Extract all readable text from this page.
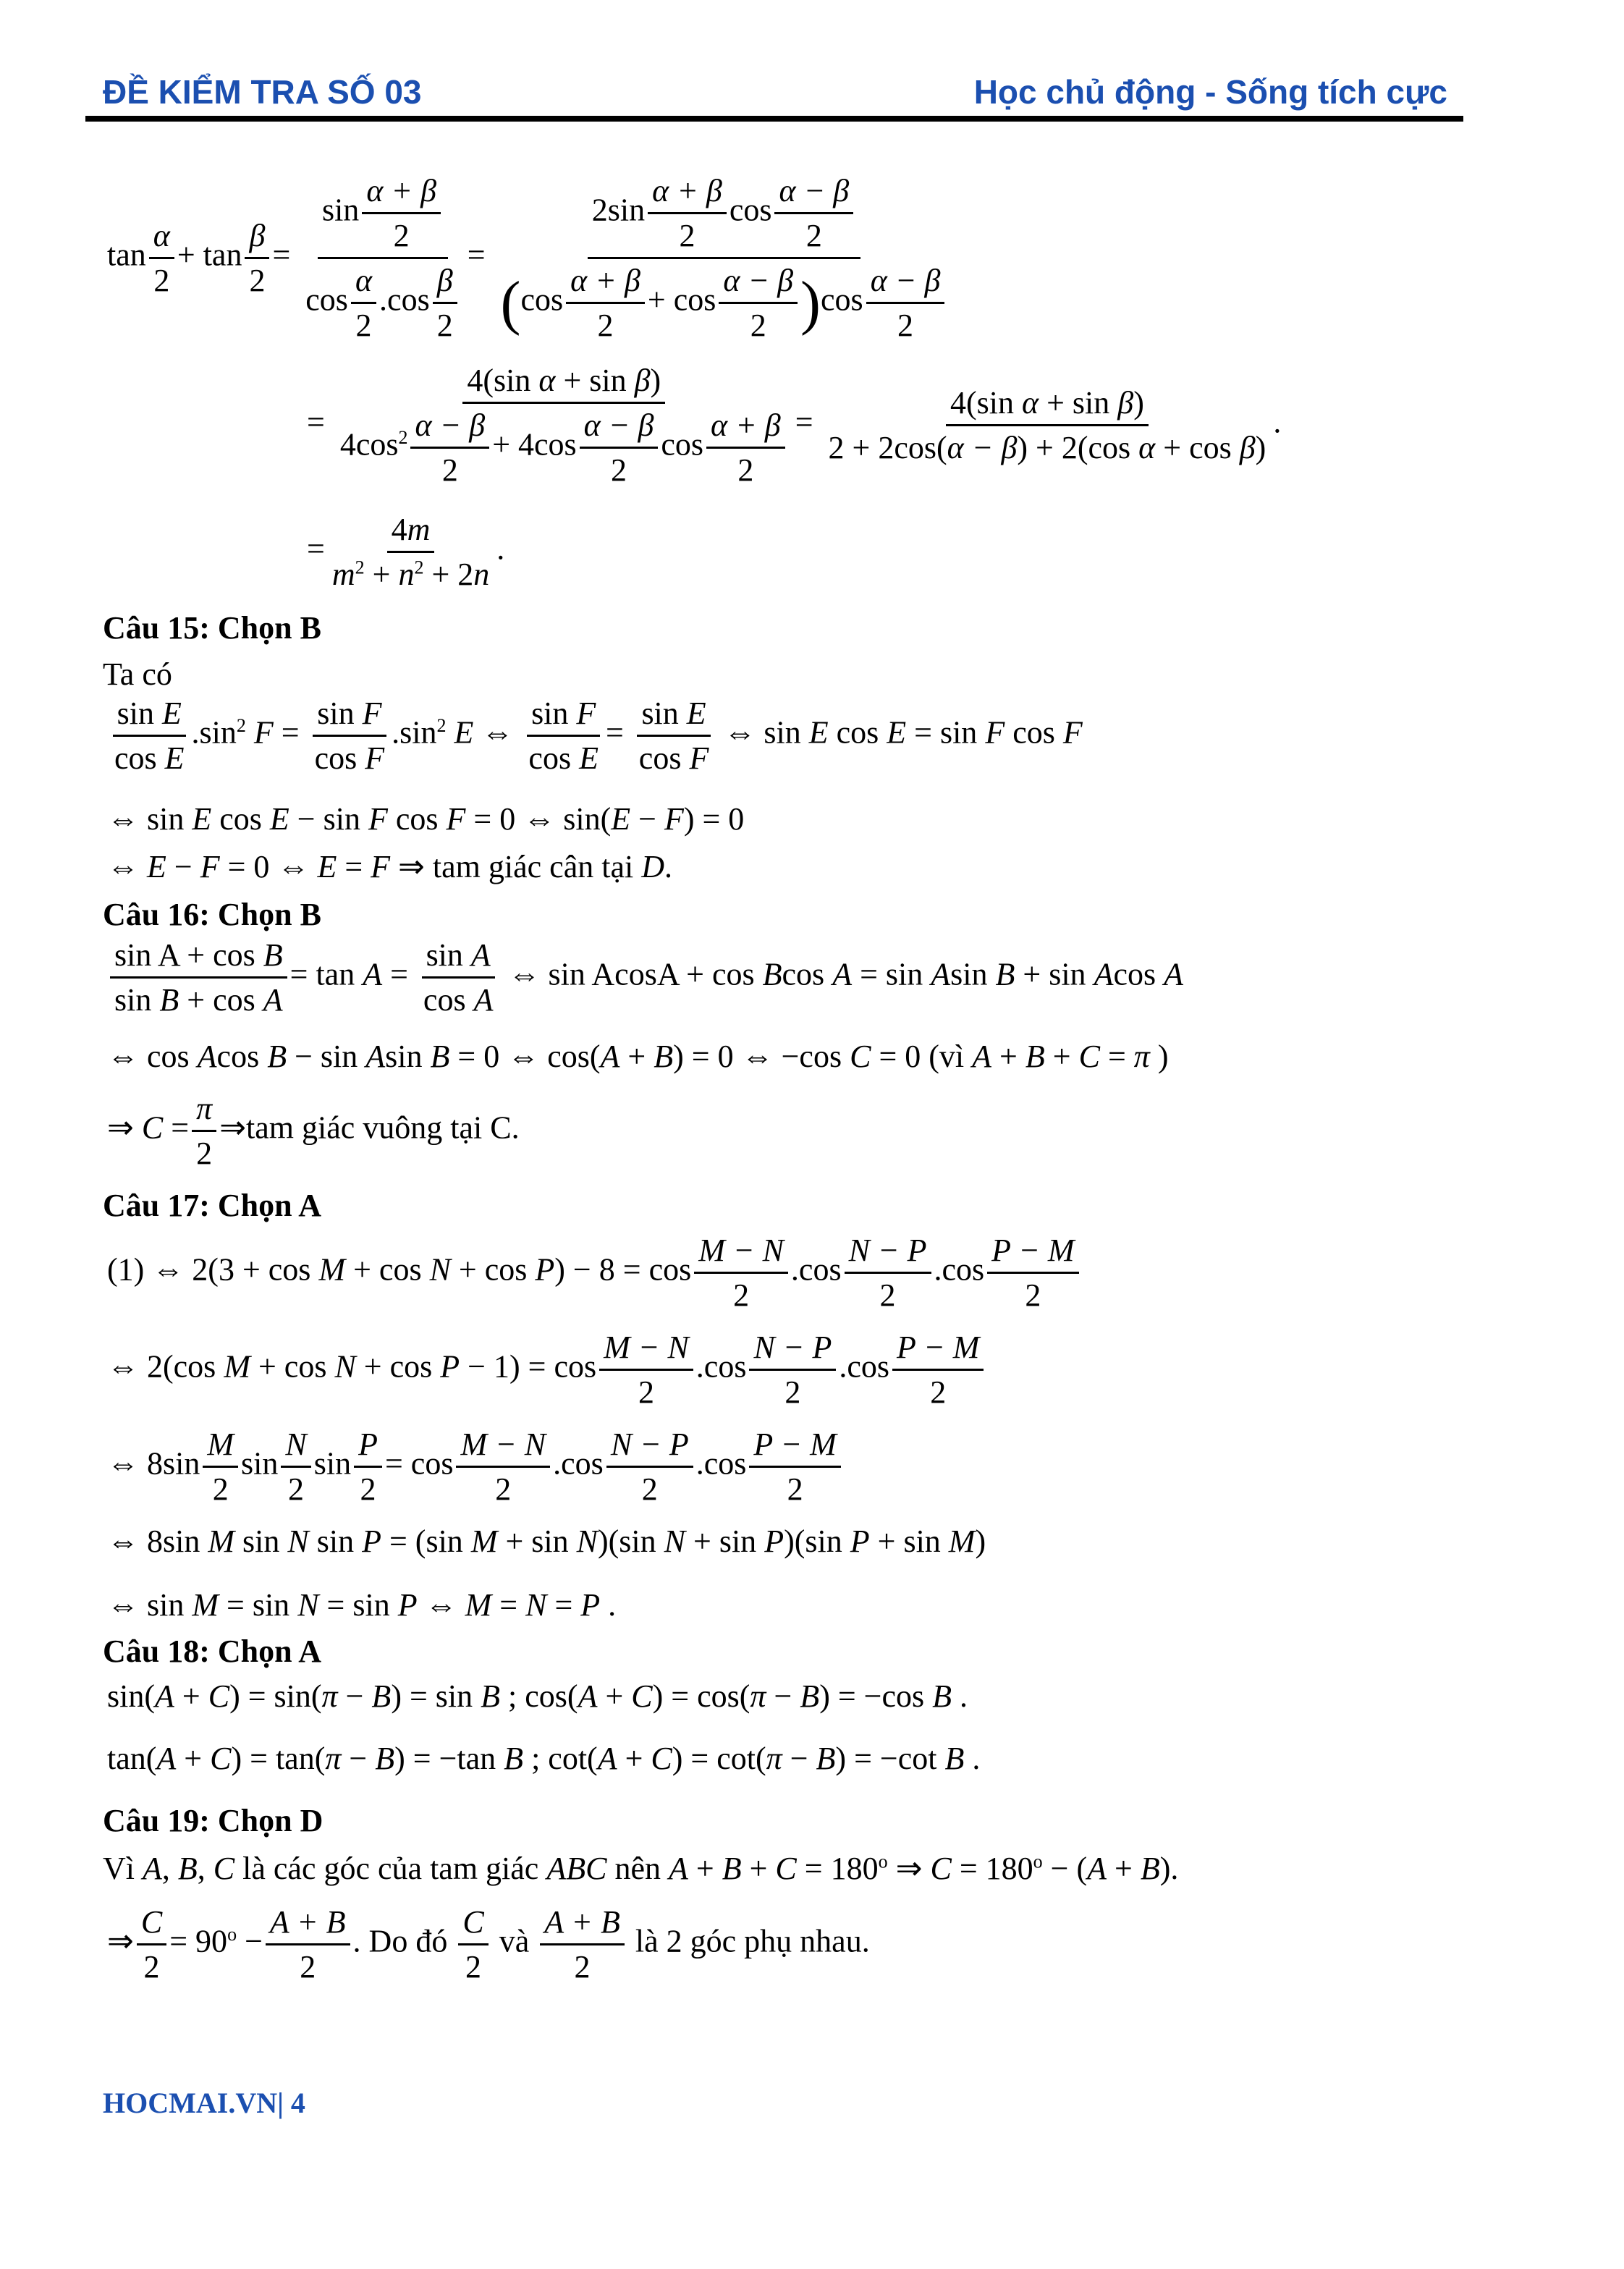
ĐỀ KIỂM TRA SỐ 03	Học chủ động - Sống tích cực
$\tan \frac{\alpha}{2} + \tan \frac{\beta}{2} = \frac{\sin \frac{\alpha + \beta}{2}}{\cos \frac{\alpha}{2} .\cos \frac{\beta}{2}} = \frac{2\sin \frac{\alpha + \beta}{2} \cos \frac{\alpha - \beta}{2}}{(\cos \frac{\alpha + \beta}{2} + \cos \frac{\alpha - \beta}{2} )\cos \frac{\alpha - \beta}{2}}$
= $\frac{\text{4(sin α + sin β)}}{4\cos^2 \frac{\alpha - \beta}{2} + 4\cos \frac{\alpha - \beta}{2} \cos \frac{\alpha + \beta}{2}} = \frac{\text{4(sin α + sin β)}}{\text{2 + 2cos(α − β) + 2(cos α + cos β)}}$ .
= $\frac{4m}{m^2 + n^2 + 2n}$ .
Câu 15: Chọn B
Ta có
$\frac{\text{sin E}}{\text{cos E}} .\sin^2$ $F = \frac{\text{sin F}}{\text{cos F}} .\sin^2$ E ⇔ $\frac{\text{sin F}}{\text{cos E}} = \frac{\text{sin E}}{\text{cos F}}$ ⇔ sin E cos E = sin F cos F
⇔ sin E cos E − sin F cos F = 0 ⇔ sin(E − F) = 0
⇔ E − F = 0 ⇔ E = F ⇒ tam giác cân tại D.
Câu 16: Chọn B
$\frac{\text{sin A + cos B}}{\text{sin B + cos A}} = \tan A = \frac{\text{sin A}}{\text{cos A}}$ ⇔ sin AcosA + cos Bcos A = sin Asin B + sin Acos A
⇔ cos Acos B − sin Asin B = 0 ⇔ cos(A + B) = 0 ⇔ −cos C = 0 (vì A + B + C = π )
⇒ $C = \frac{\pi}{2}$ ⇒tam giác vuông tại C.
Câu 17: Chọn A
(1) ⇔ $2(3 + \cos M + \cos N + \cos P) - 8 = \cos \frac{M - N}{2} .\cos \frac{N - P}{2} .\cos \frac{P - M}{2}$
⇔ 2(cos $M + \cos N + \cos P - 1) = \cos \frac{M - N}{2} .\cos \frac{N - P}{2} .\cos \frac{P - M}{2}$
⇔ $8\sin \frac{M}{2}$ $\sin \frac{N}{2}$ $\sin \frac{P}{2} = \cos \frac{M - N}{2} .\cos \frac{N - P}{2} .\cos \frac{P - M}{2}$
⇔ 8sin M sin N sin P = (sin M + sin N)(sin N + sin P)(sin P + sin M)
⇔ sin M = sin N = sin P ⇔ M = N = P .
Câu 18: Chọn A
sin(A + C) = sin(π − B) = sin B ; cos(A + C) = cos(π − B) = −cos B .
tan(A + C) = tan(π − B) = −tan B ; cot(A + C) = cot(π − B) = −cot B .
Câu 19: Chọn D
Vì A, B, C là các góc của tam giác ABC nên $A + B + C = 180^o$ ⇒ $C = 180^o - (A + B)$.
⇒ $\frac{C}{2} = 90^o - \frac{A + B}{2}$ . Do đó $\frac{C}{2}$ và $\frac{A + B}{2}$ là 2 góc phụ nhau.
HOCMAI.VN| 4
